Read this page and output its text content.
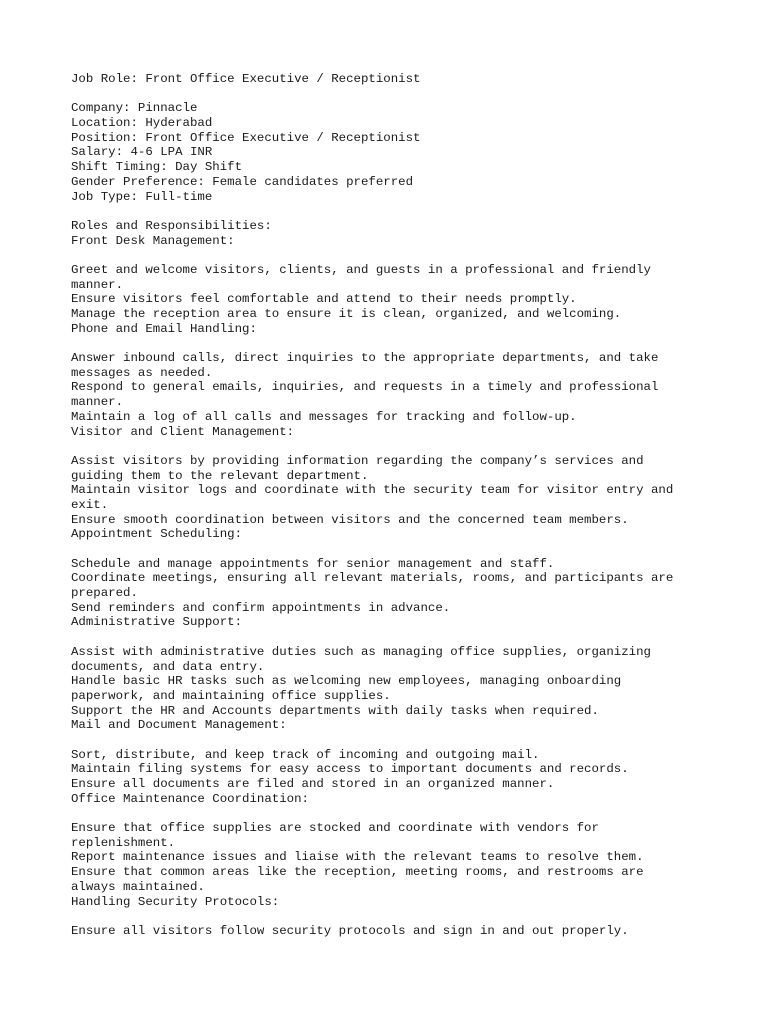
Job Role: Front Office Executive / Receptionist
Company: Pinnacle
Location: Hyderabad
Position: Front Office Executive / Receptionist
Salary: 4-6 LPA INR
Shift Timing: Day Shift
Gender Preference: Female candidates preferred
Job Type: Full-time
Roles and Responsibilities:
Front Desk Management:
Greet and welcome visitors, clients, and guests in a professional and friendly
manner.
Ensure visitors feel comfortable and attend to their needs promptly.
Manage the reception area to ensure it is clean, organized, and welcoming.
Phone and Email Handling:
Answer inbound calls, direct inquiries to the appropriate departments, and take
messages as needed.
Respond to general emails, inquiries, and requests in a timely and professional
manner.
Maintain a log of all calls and messages for tracking and follow-up.
Visitor and Client Management:
Assist visitors by providing information regarding the company’s services and
guiding them to the relevant department.
Maintain visitor logs and coordinate with the security team for visitor entry and
exit.
Ensure smooth coordination between visitors and the concerned team members.
Appointment Scheduling:
Schedule and manage appointments for senior management and staff.
Coordinate meetings, ensuring all relevant materials, rooms, and participants are
prepared.
Send reminders and confirm appointments in advance.
Administrative Support:
Assist with administrative duties such as managing office supplies, organizing
documents, and data entry.
Handle basic HR tasks such as welcoming new employees, managing onboarding
paperwork, and maintaining office supplies.
Support the HR and Accounts departments with daily tasks when required.
Mail and Document Management:
Sort, distribute, and keep track of incoming and outgoing mail.
Maintain filing systems for easy access to important documents and records.
Ensure all documents are filed and stored in an organized manner.
Office Maintenance Coordination:
Ensure that office supplies are stocked and coordinate with vendors for
replenishment.
Report maintenance issues and liaise with the relevant teams to resolve them.
Ensure that common areas like the reception, meeting rooms, and restrooms are
always maintained.
Handling Security Protocols:
Ensure all visitors follow security protocols and sign in and out properly.
